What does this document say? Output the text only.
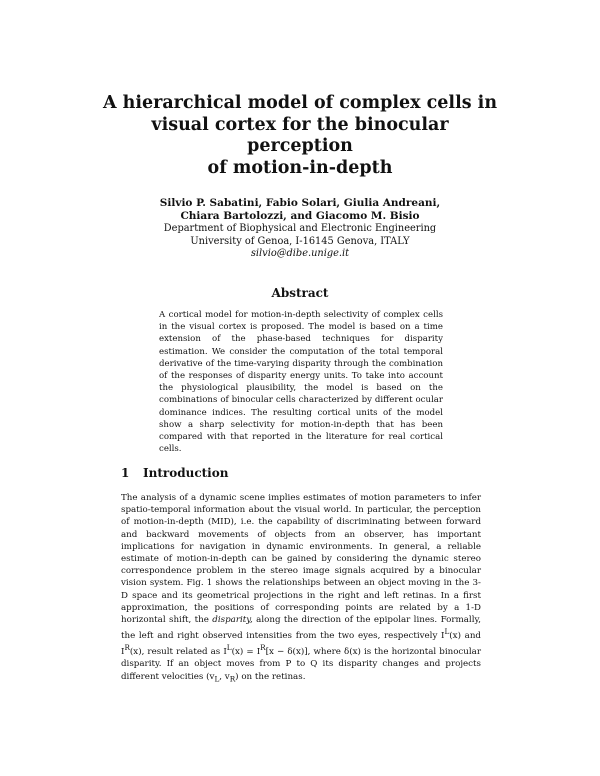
A hierarchical model of complex cells in
visual cortex for the binocular perception
of motion-in-depth

Silvio P. Sabatini, Fabio Solari, Giulia Andreani,
Chiara Bartolozzi, and Giacomo M. Bisio

Department of Biophysical and Electronic Engineering
University of Genoa, I-16145 Genova, ITALY
silvio@dibe.unige.it

Abstract

A cortical model for motion-in-depth selectivity of complex cells in the visual cortex is proposed. The model is based on a time extension of the phase-based techniques for disparity estimation. We consider the computation of the total temporal derivative of the time-varying disparity through the combination of the responses of disparity energy units. To take into account the physiological plausibility, the model is based on the combinations of binocular cells characterized by different ocular dominance indices. The resulting cortical units of the model show a sharp selectivity for motion-in-depth that has been compared with that reported in the literature for real cortical cells.

1 Introduction

The analysis of a dynamic scene implies estimates of motion parameters to infer spatio-temporal information about the visual world. In particular, the perception of motion-in-depth (MID), i.e. the capability of discriminating between forward and backward movements of objects from an observer, has important implications for navigation in dynamic environments. In general, a reliable estimate of motion-in-depth can be gained by considering the dynamic stereo correspondence problem in the stereo image signals acquired by a binocular vision system. Fig. 1 shows the relationships between an object moving in the 3-D space and its geometrical projections in the right and left retinas. In a first approximation, the positions of corresponding points are related by a 1-D horizontal shift, the disparity, along the direction of the epipolar lines. Formally, the left and right observed intensities from the two eyes, respectively $I^L(x)$ and $I^R(x)$, result related as $I^L(x) = I^R[x - \delta(x)]$, where δ(x) is the horizontal binocular disparity. If an object moves from P to Q its disparity changes and projects different velocities ($v_L$, $v_R$) on the retinas.
